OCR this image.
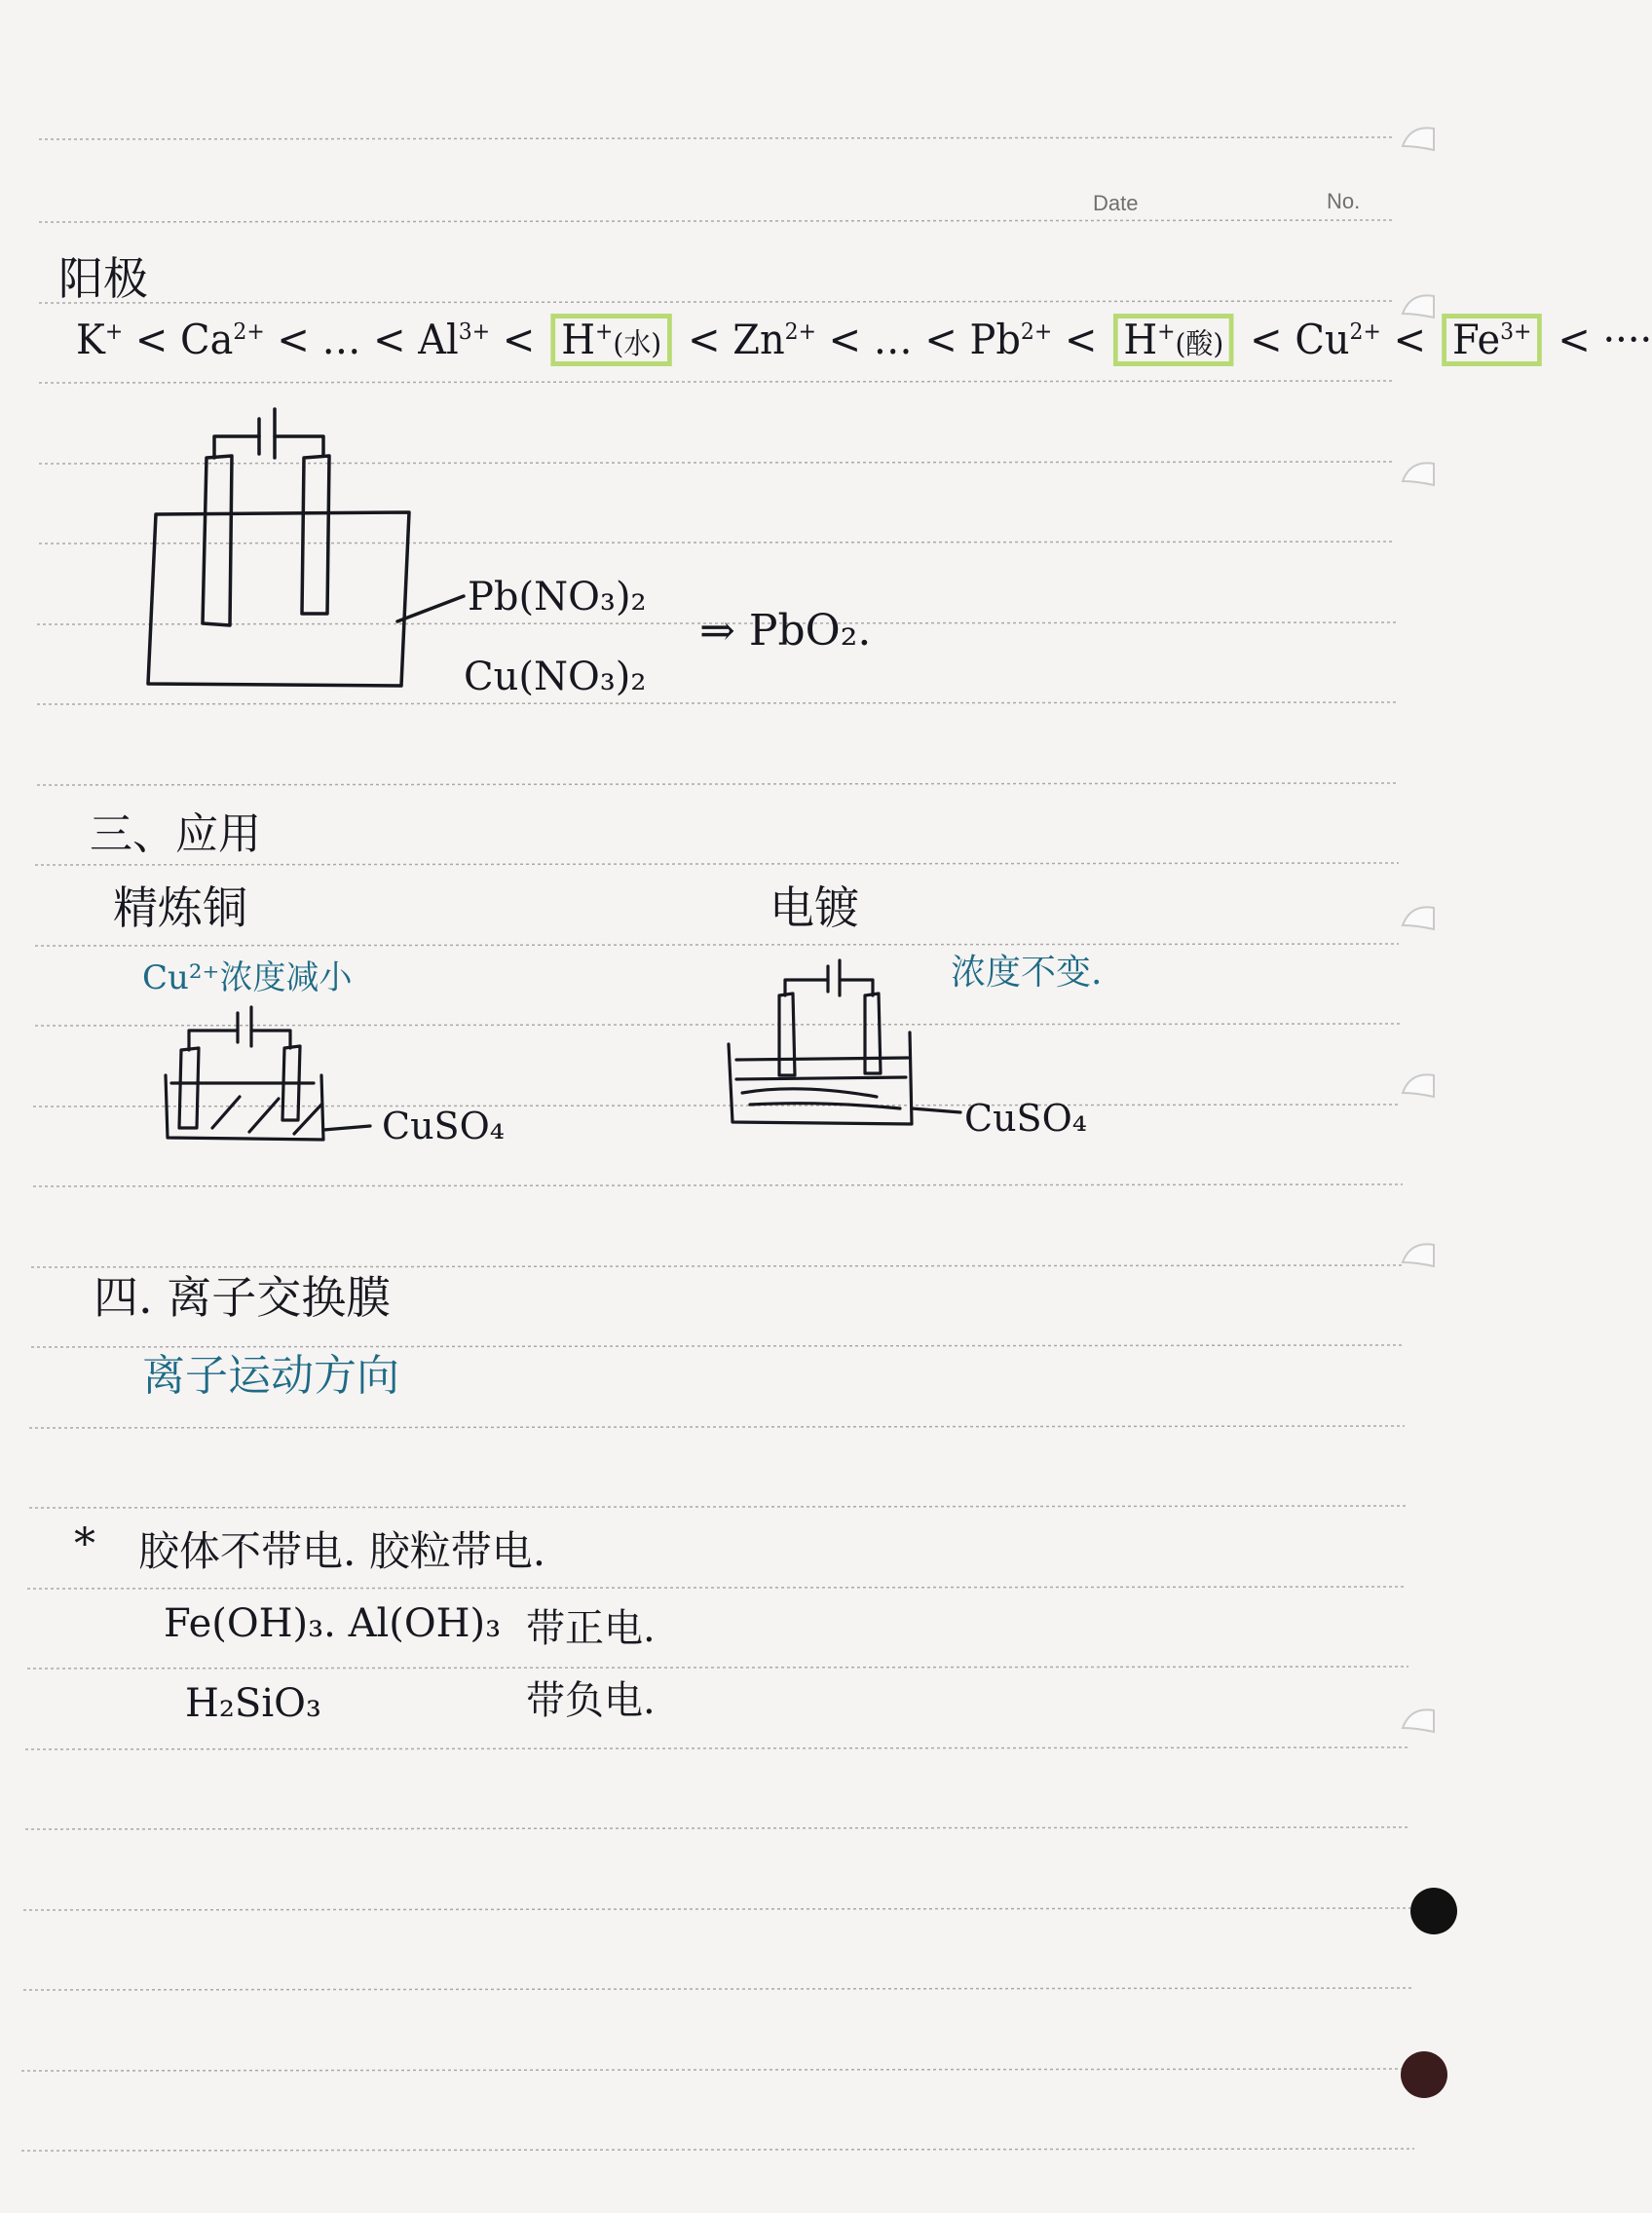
Date	No.
阳极
$K^+ < Ca^{2+}$ < … < $Al^{3+} < H^+$(水) < $Zn^{2+}$ < … < $Pb^{2+} < H^+$(酸) < $Cu^{2+} < Fe^{3+}$ < ····
Pb(NO₃)₂
Cu(NO₃)₂
⇒ PbO₂.
三、应用
精炼铜
Cu²⁺浓度减小
电镀
浓度不变.
CuSO₄	CuSO₄
四. 离子交换膜
离子运动方向
* 胶体不带电. 胶粒带电.
Fe(OH)₃. Al(OH)₃ 带正电.
H₂SiO₃	带负电.
